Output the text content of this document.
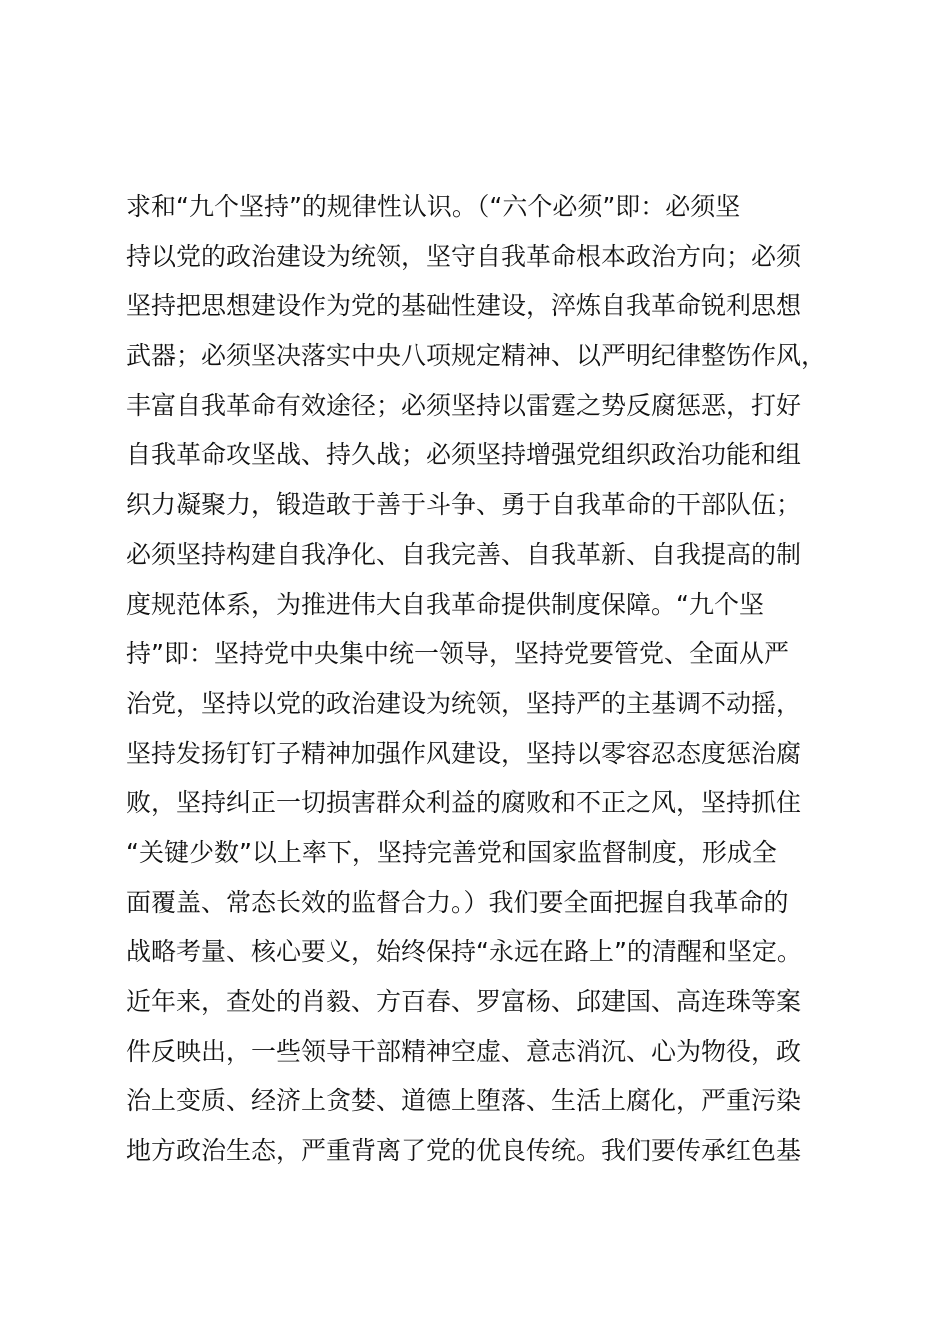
求和“九个坚持”的规律性认识。（“六个必须”即：必须坚
持以党的政治建设为统领，坚守自我革命根本政治方向；必须
坚持把思想建设作为党的基础性建设，淬炼自我革命锐利思想
武器；必须坚决落实中央八项规定精神、以严明纪律整饬作风，
丰富自我革命有效途径；必须坚持以雷霆之势反腐惩恶，打好
自我革命攻坚战、持久战；必须坚持增强党组织政治功能和组
织力凝聚力，锻造敢于善于斗争、勇于自我革命的干部队伍；
必须坚持构建自我净化、自我完善、自我革新、自我提高的制
度规范体系，为推进伟大自我革命提供制度保障。“九个坚
持”即：坚持党中央集中统一领导，坚持党要管党、全面从严
治党，坚持以党的政治建设为统领，坚持严的主基调不动摇，
坚持发扬钉钉子精神加强作风建设，坚持以零容忍态度惩治腐
败，坚持纠正一切损害群众利益的腐败和不正之风，坚持抓住
“关键少数”以上率下，坚持完善党和国家监督制度，形成全
面覆盖、常态长效的监督合力。）我们要全面把握自我革命的
战略考量、核心要义，始终保持“永远在路上”的清醒和坚定。
近年来，查处的肖毅、方百春、罗富杨、邱建国、高连珠等案
件反映出，一些领导干部精神空虚、意志消沉、心为物役，政
治上变质、经济上贪婪、道德上堕落、生活上腐化，严重污染
地方政治生态，严重背离了党的优良传统。我们要传承红色基
